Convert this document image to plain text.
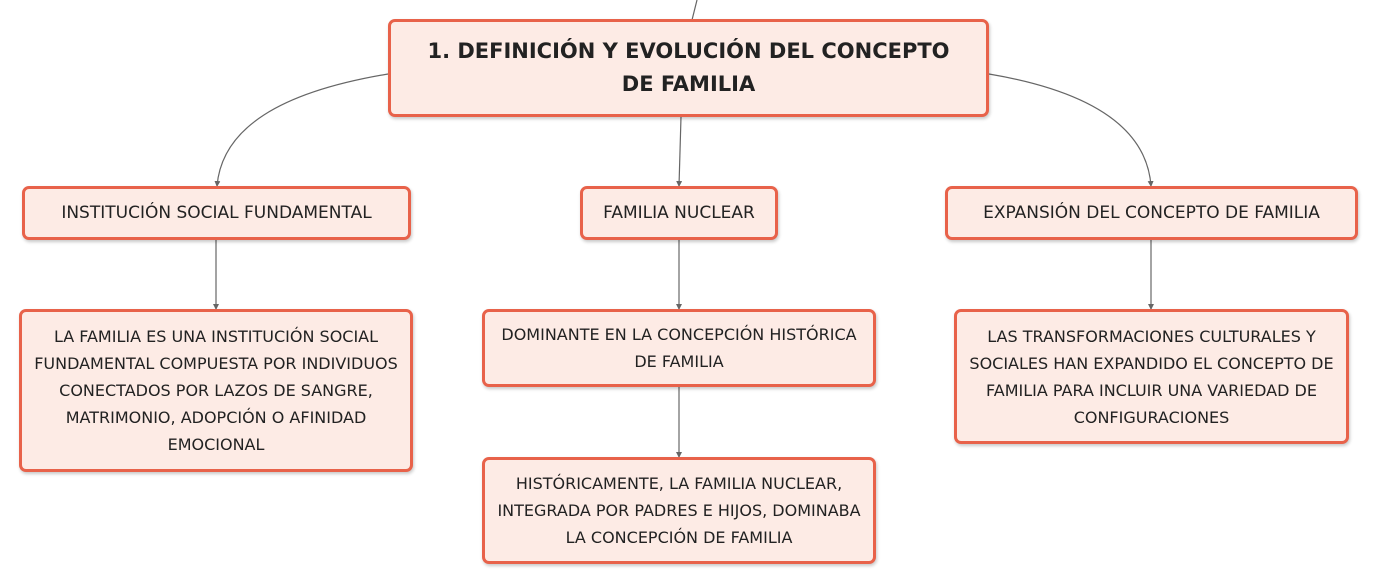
1. DEFINICIÓN Y EVOLUCIÓN DEL CONCEPTO DE FAMILIA
INSTITUCIÓN SOCIAL FUNDAMENTAL	FAMILIA NUCLEAR	EXPANSIÓN DEL CONCEPTO DE FAMILIA
LA FAMILIA ES UNA INSTITUCIÓN SOCIAL FUNDAMENTAL COMPUESTA POR INDIVIDUOS CONECTADOS POR LAZOS DE SANGRE, MATRIMONIO, ADOPCIÓN O AFINIDAD EMOCIONAL
DOMINANTE EN LA CONCEPCIÓN HISTÓRICA DE FAMILIA
HISTÓRICAMENTE, LA FAMILIA NUCLEAR, INTEGRADA POR PADRES E HIJOS, DOMINABA LA CONCEPCIÓN DE FAMILIA
LAS TRANSFORMACIONES CULTURALES Y SOCIALES HAN EXPANDIDO EL CONCEPTO DE FAMILIA PARA INCLUIR UNA VARIEDAD DE CONFIGURACIONES
